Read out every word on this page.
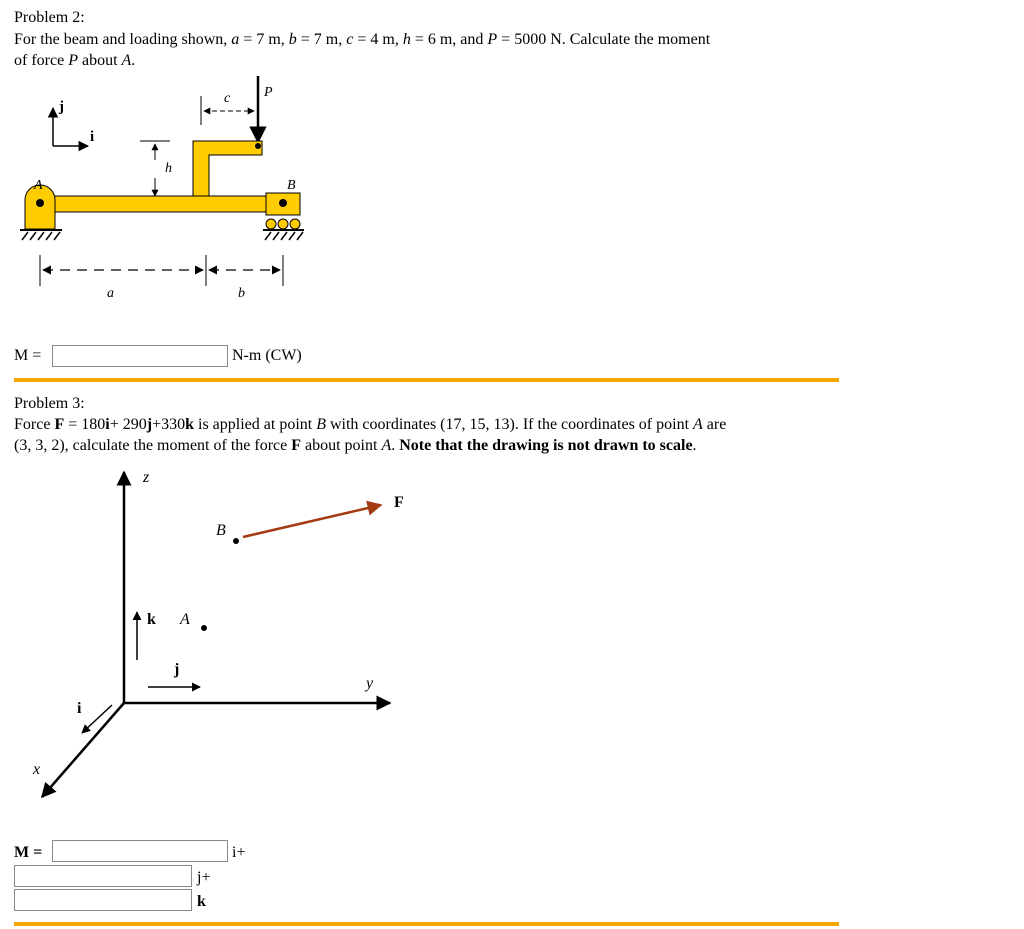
Problem 2:
For the beam and loading shown, a = 7 m, b = 7 m, c = 4 m, h = 6 m, and P = 5000 N. Calculate the moment
of force P about A.
j
i
c P
h
A	B
a	b
M =	N-m (CW)
Problem 3:
Force F = 180i+ 290j+330k is applied at point B with coordinates (17, 15, 13). If the coordinates of point A are
(3, 3, 2), calculate the moment of the force F about point A. Note that the drawing is not drawn to scale.
z
y
x
k
j
i
A
B
F
M =	i+
j+
k
